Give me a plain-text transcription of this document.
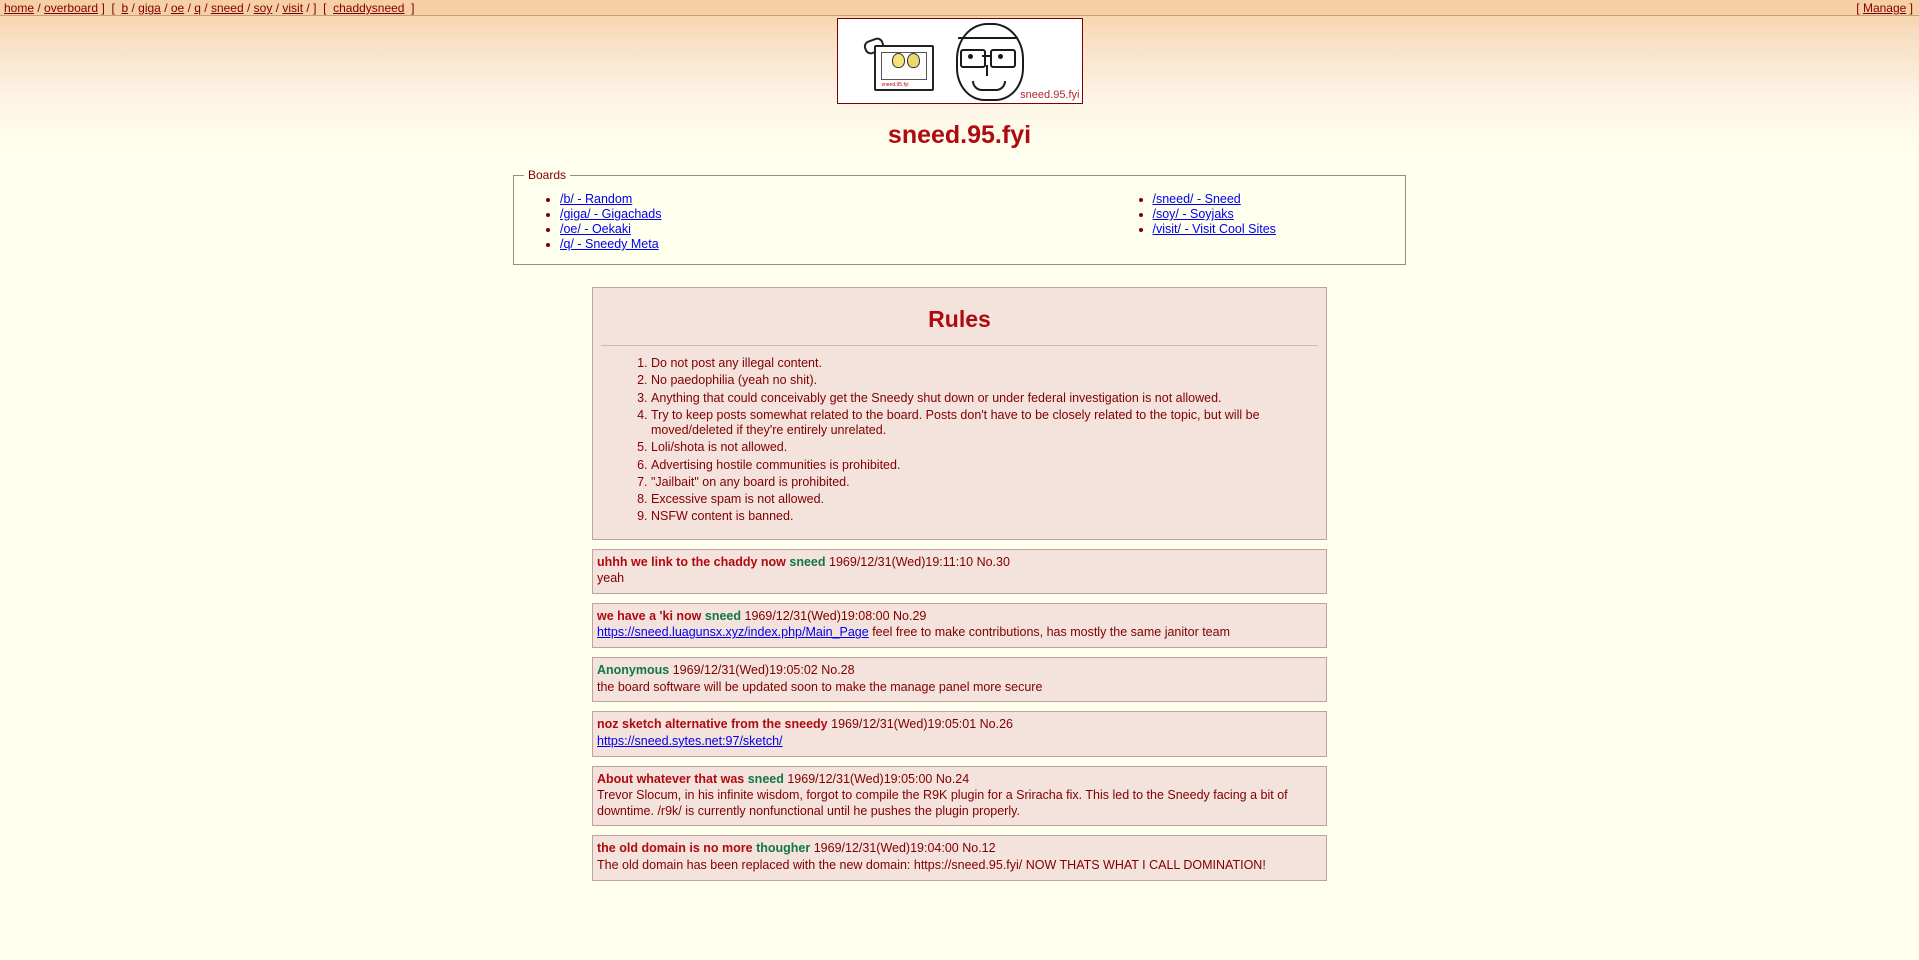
home / overboard ]  [  b / giga / oe / q / sneed / soy / visit / ]  [  chaddysneed  ]	[ Manage ]
sneed.95.fyi
sneed.95.fyi
sneed.95.fyi
Boards
• /b/ - Random
• /giga/ - Gigachads
• /oe/ - Oekaki
• /q/ - Sneedy Meta
• /sneed/ - Sneed
• /soy/ - Soyjaks
• /visit/ - Visit Cool Sites
Rules
1. Do not post any illegal content.
2. No paedophilia (yeah no shit).
3. Anything that could conceivably get the Sneedy shut down or under federal investigation is not allowed.
4. Try to keep posts somewhat related to the board. Posts don't have to be closely related to the topic, but will be moved/deleted if they're entirely unrelated.
5. Loli/shota is not allowed.
6. Advertising hostile communities is prohibited.
7. "Jailbait" on any board is prohibited.
8. Excessive spam is not allowed.
9. NSFW content is banned.
uhhh we link to the chaddy now sneed 1969/12/31(Wed)19:11:10 No.30
yeah
we have a 'ki now sneed 1969/12/31(Wed)19:08:00 No.29
https://sneed.luagunsx.xyz/index.php/Main_Page feel free to make contributions, has mostly the same janitor team
Anonymous 1969/12/31(Wed)19:05:02 No.28
the board software will be updated soon to make the manage panel more secure
noz sketch alternative from the sneedy 1969/12/31(Wed)19:05:01 No.26
https://sneed.sytes.net:97/sketch/
About whatever that was sneed 1969/12/31(Wed)19:05:00 No.24
Trevor Slocum, in his infinite wisdom, forgot to compile the R9K plugin for a Sriracha fix. This led to the Sneedy facing a bit of downtime. /r9k/ is currently nonfunctional until he pushes the plugin properly.
the old domain is no more thougher 1969/12/31(Wed)19:04:00 No.12
The old domain has been replaced with the new domain: https://sneed.95.fyi/ NOW THATS WHAT I CALL DOMINATION!
